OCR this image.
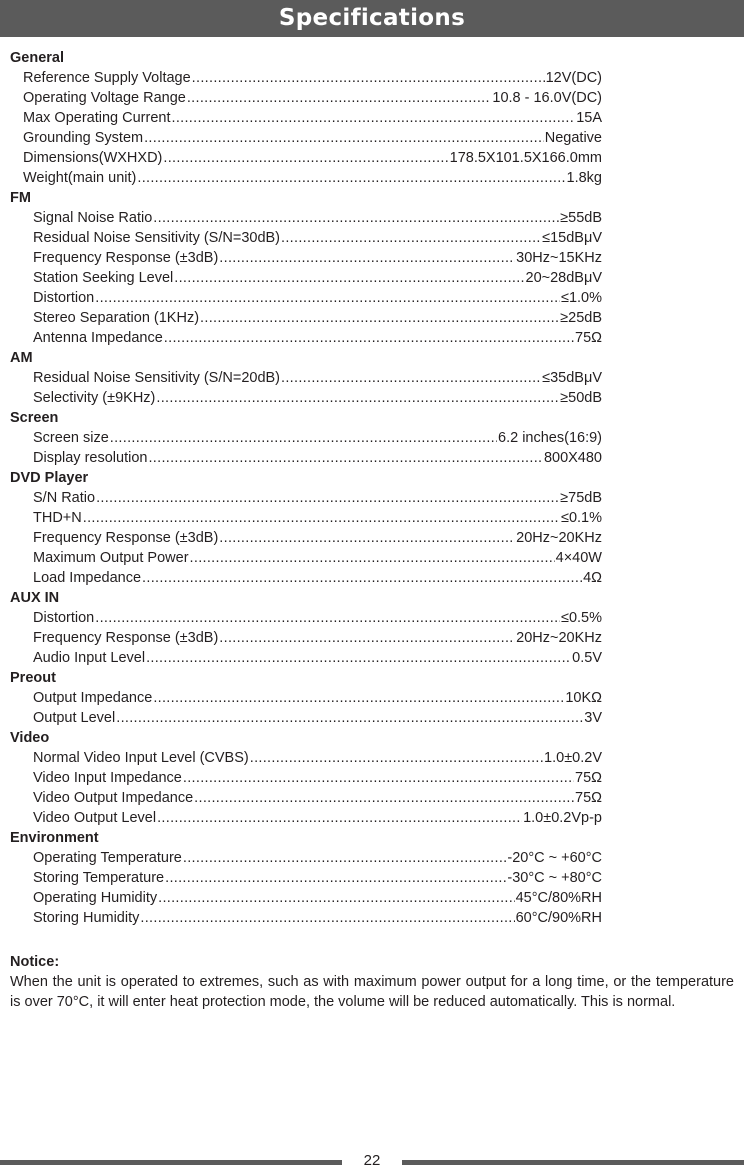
Specifications
General
Reference Supply Voltage .....	12V(DC)
Operating Voltage Range .....	10.8 - 16.0V(DC)
Max Operating Current .....	15A
Grounding System .....	Negative
Dimensions(WXHXD) .....	178.5X101.5X166.0mm
Weight(main unit) .....	1.8kg
FM
Signal Noise Ratio .....	≥55dB
Residual Noise Sensitivity (S/N=30dB) .....	≤15dBμV
Frequency Response (±3dB) .....	30Hz~15KHz
Station Seeking Level .....	20~28dBμV
Distortion .....	≤1.0%
Stereo Separation (1KHz) .....	≥25dB
Antenna Impedance .....	75Ω
AM
Residual Noise Sensitivity (S/N=20dB) .....	≤35dBμV
Selectivity (±9KHz) .....	≥50dB
Screen
Screen size .....	6.2 inches(16:9)
Display resolution .....	800X480
DVD Player
S/N Ratio .....	≥75dB
THD+N .....	≤0.1%
Frequency Response (±3dB) .....	20Hz~20KHz
Maximum Output Power .....	4×40W
Load Impedance .....	4Ω
AUX IN
Distortion .....	≤0.5%
Frequency Response (±3dB) .....	20Hz~20KHz
Audio Input Level .....	0.5V
Preout
Output Impedance .....	10KΩ
Output Level .....	3V
Video
Normal Video Input Level (CVBS) .....	1.0±0.2V
Video Input Impedance .....	75Ω
Video Output Impedance .....	75Ω
Video Output Level .....	1.0±0.2Vp-p
Environment
Operating Temperature .....	-20°C ~ +60°C
Storing Temperature .....	-30°C ~ +80°C
Operating Humidity .....	45°C/80%RH
Storing Humidity .....	60°C/90%RH
Notice:
When the unit is operated to extremes, such as with maximum power output for a long time, or the temperature is over 70°C, it will enter heat protection mode, the volume will be reduced automatically. This is normal.
22
